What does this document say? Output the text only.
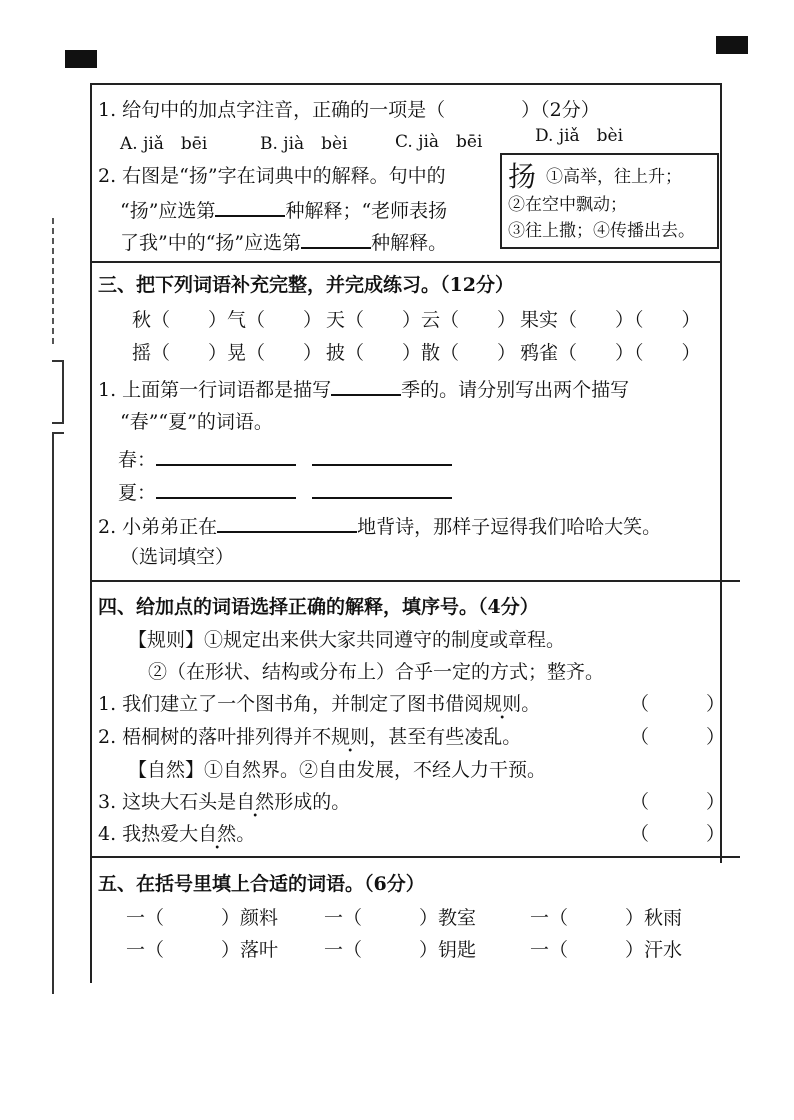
1. 给句中的加点字注音，正确的一项是（　　　　）（2分）
A. jiǎ　bēi	B. jià　bèi	C. jià　bēi	D. jiǎ　bèi
2. 右图是“扬”字在词典中的解释。句中的
“扬”应选第	种解释；“老师表扬
了我”中的“扬”应选第	种解释。
扬 ①高举，往上升；
②在空中飘动；
③往上撒；④传播出去。
三、把下列词语补充完整，并完成练习。（12分）
秋（　　）气（　　） 天（　　）云（　　） 果实（　　）（　　）
摇（　　）晃（　　） 披（　　）散（　　） 鸦雀（　　）（　　）
1. 上面第一行词语都是描写	季的。请分别写出两个描写
“春”“夏”的词语。
春：
夏：
2. 小弟弟正在	地背诗，那样子逗得我们哈哈大笑。
（选词填空）
四、给加点的词语选择正确的解释，填序号。（4分）
【规则】①规定出来供大家共同遵守的制度或章程。
②（在形状、结构或分布上）合乎一定的方式；整齐。
1. 我们建立了一个图书角，并制定了图书借阅规则。	（　　　）
2. 梧桐树的落叶排列得并不规则，甚至有些凌乱。	（　　　）
【自然】①自然界。②自由发展，不经人力干预。
3. 这块大石头是自然形成的。	（　　　）
4. 我热爱大自然。	（　　　）
五、在括号里填上合适的词语。（6分）
一（　　　）颜料 一（　　　）教室	一（　　　）秋雨
一（　　　）落叶 一（　　　）钥匙	一（　　　）汗水
